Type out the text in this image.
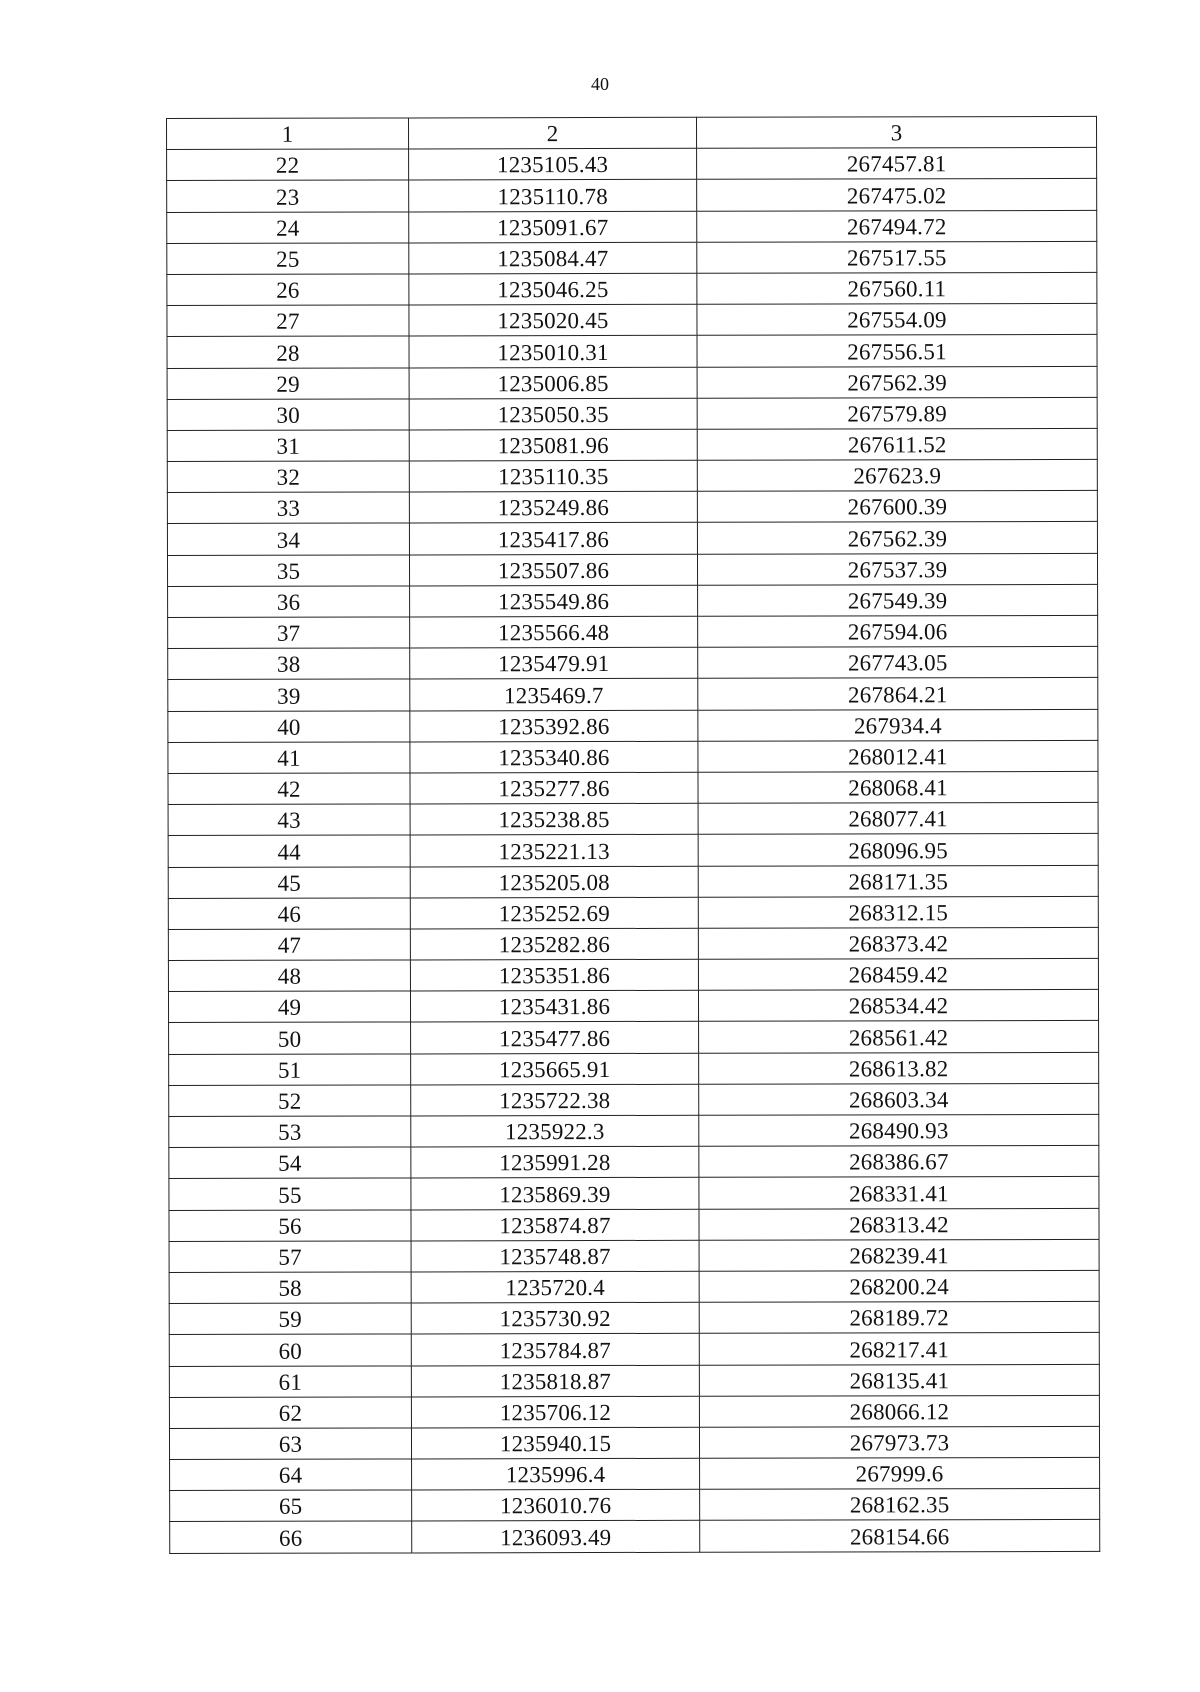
40
1	2	3
22	1235105.43	267457.81
23	1235110.78	267475.02
24	1235091.67	267494.72
25	1235084.47	267517.55
26	1235046.25	267560.11
27	1235020.45	267554.09
28	1235010.31	267556.51
29	1235006.85	267562.39
30	1235050.35	267579.89
31	1235081.96	267611.52
32	1235110.35	267623.9
33	1235249.86	267600.39
34	1235417.86	267562.39
35	1235507.86	267537.39
36	1235549.86	267549.39
37	1235566.48	267594.06
38	1235479.91	267743.05
39	1235469.7	267864.21
40	1235392.86	267934.4
41	1235340.86	268012.41
42	1235277.86	268068.41
43	1235238.85	268077.41
44	1235221.13	268096.95
45	1235205.08	268171.35
46	1235252.69	268312.15
47	1235282.86	268373.42
48	1235351.86	268459.42
49	1235431.86	268534.42
50	1235477.86	268561.42
51	1235665.91	268613.82
52	1235722.38	268603.34
53	1235922.3	268490.93
54	1235991.28	268386.67
55	1235869.39	268331.41
56	1235874.87	268313.42
57	1235748.87	268239.41
58	1235720.4	268200.24
59	1235730.92	268189.72
60	1235784.87	268217.41
61	1235818.87	268135.41
62	1235706.12	268066.12
63	1235940.15	267973.73
64	1235996.4	267999.6
65	1236010.76	268162.35
66	1236093.49	268154.66
